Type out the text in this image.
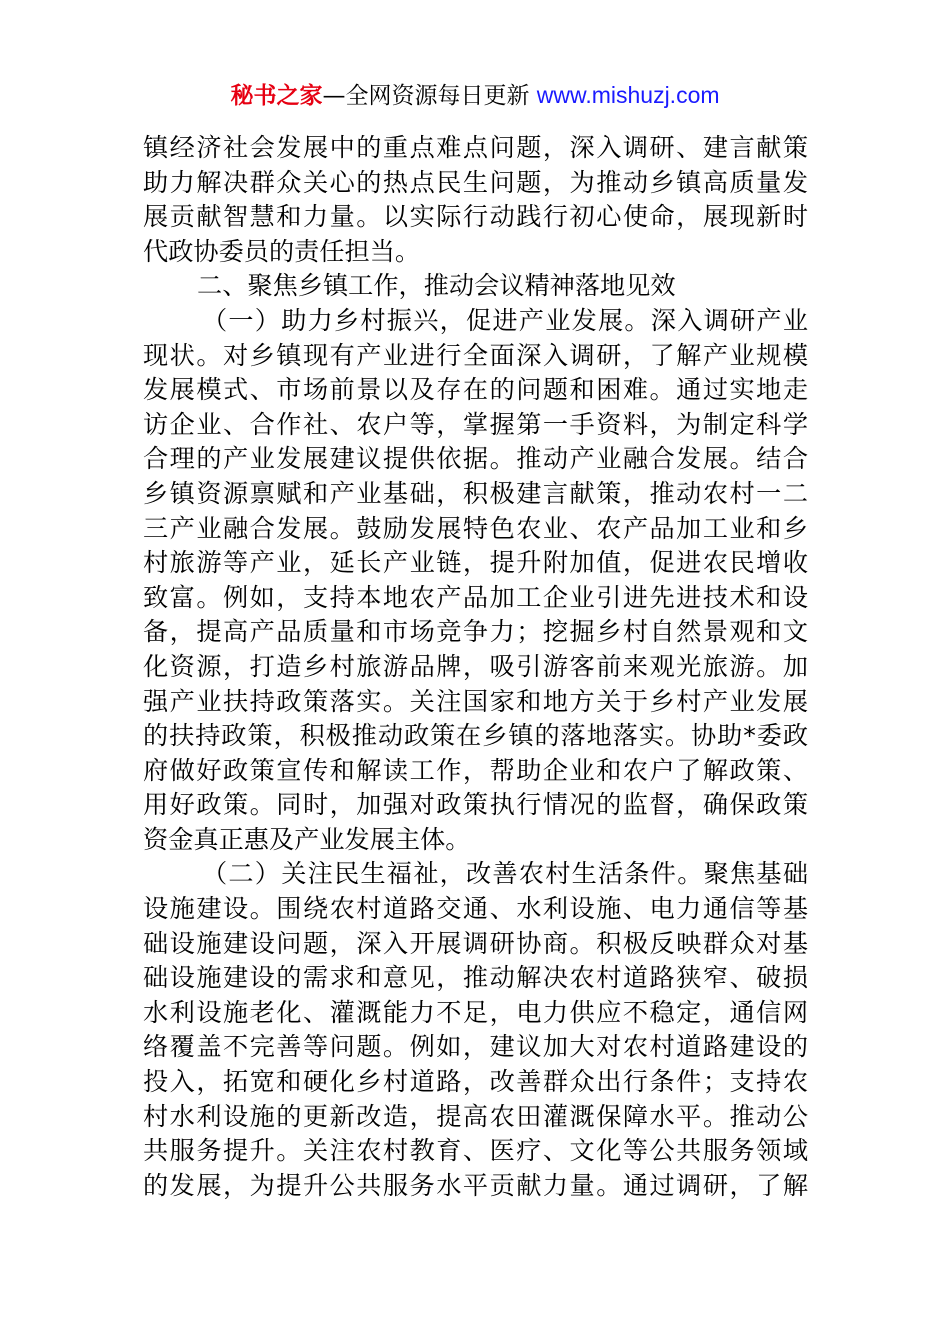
秘书之家—全网资源每日更新 www.mishuzj.com
镇经济社会发展中的重点难点问题，深入调研、建言献策
助力解决群众关心的热点民生问题，为推动乡镇高质量发
展贡献智慧和力量。以实际行动践行初心使命，展现新时
代政协委员的责任担当。
二、聚焦乡镇工作，推动会议精神落地见效
（一）助力乡村振兴，促进产业发展。深入调研产业
现状。对乡镇现有产业进行全面深入调研，了解产业规模
发展模式、市场前景以及存在的问题和困难。通过实地走
访企业、合作社、农户等，掌握第一手资料，为制定科学
合理的产业发展建议提供依据。推动产业融合发展。结合
乡镇资源禀赋和产业基础，积极建言献策，推动农村一二
三产业融合发展。鼓励发展特色农业、农产品加工业和乡
村旅游等产业，延长产业链，提升附加值，促进农民增收
致富。例如，支持本地农产品加工企业引进先进技术和设
备，提高产品质量和市场竞争力；挖掘乡村自然景观和文
化资源，打造乡村旅游品牌，吸引游客前来观光旅游。加
强产业扶持政策落实。关注国家和地方关于乡村产业发展
的扶持政策，积极推动政策在乡镇的落地落实。协助*委政
府做好政策宣传和解读工作，帮助企业和农户了解政策、
用好政策。同时，加强对政策执行情况的监督，确保政策
资金真正惠及产业发展主体。
（二）关注民生福祉，改善农村生活条件。聚焦基础
设施建设。围绕农村道路交通、水利设施、电力通信等基
础设施建设问题，深入开展调研协商。积极反映群众对基
础设施建设的需求和意见，推动解决农村道路狭窄、破损
水利设施老化、灌溉能力不足，电力供应不稳定，通信网
络覆盖不完善等问题。例如，建议加大对农村道路建设的
投入，拓宽和硬化乡村道路，改善群众出行条件；支持农
村水利设施的更新改造，提高农田灌溉保障水平。推动公
共服务提升。关注农村教育、医疗、文化等公共服务领域
的发展，为提升公共服务水平贡献力量。通过调研，了解
